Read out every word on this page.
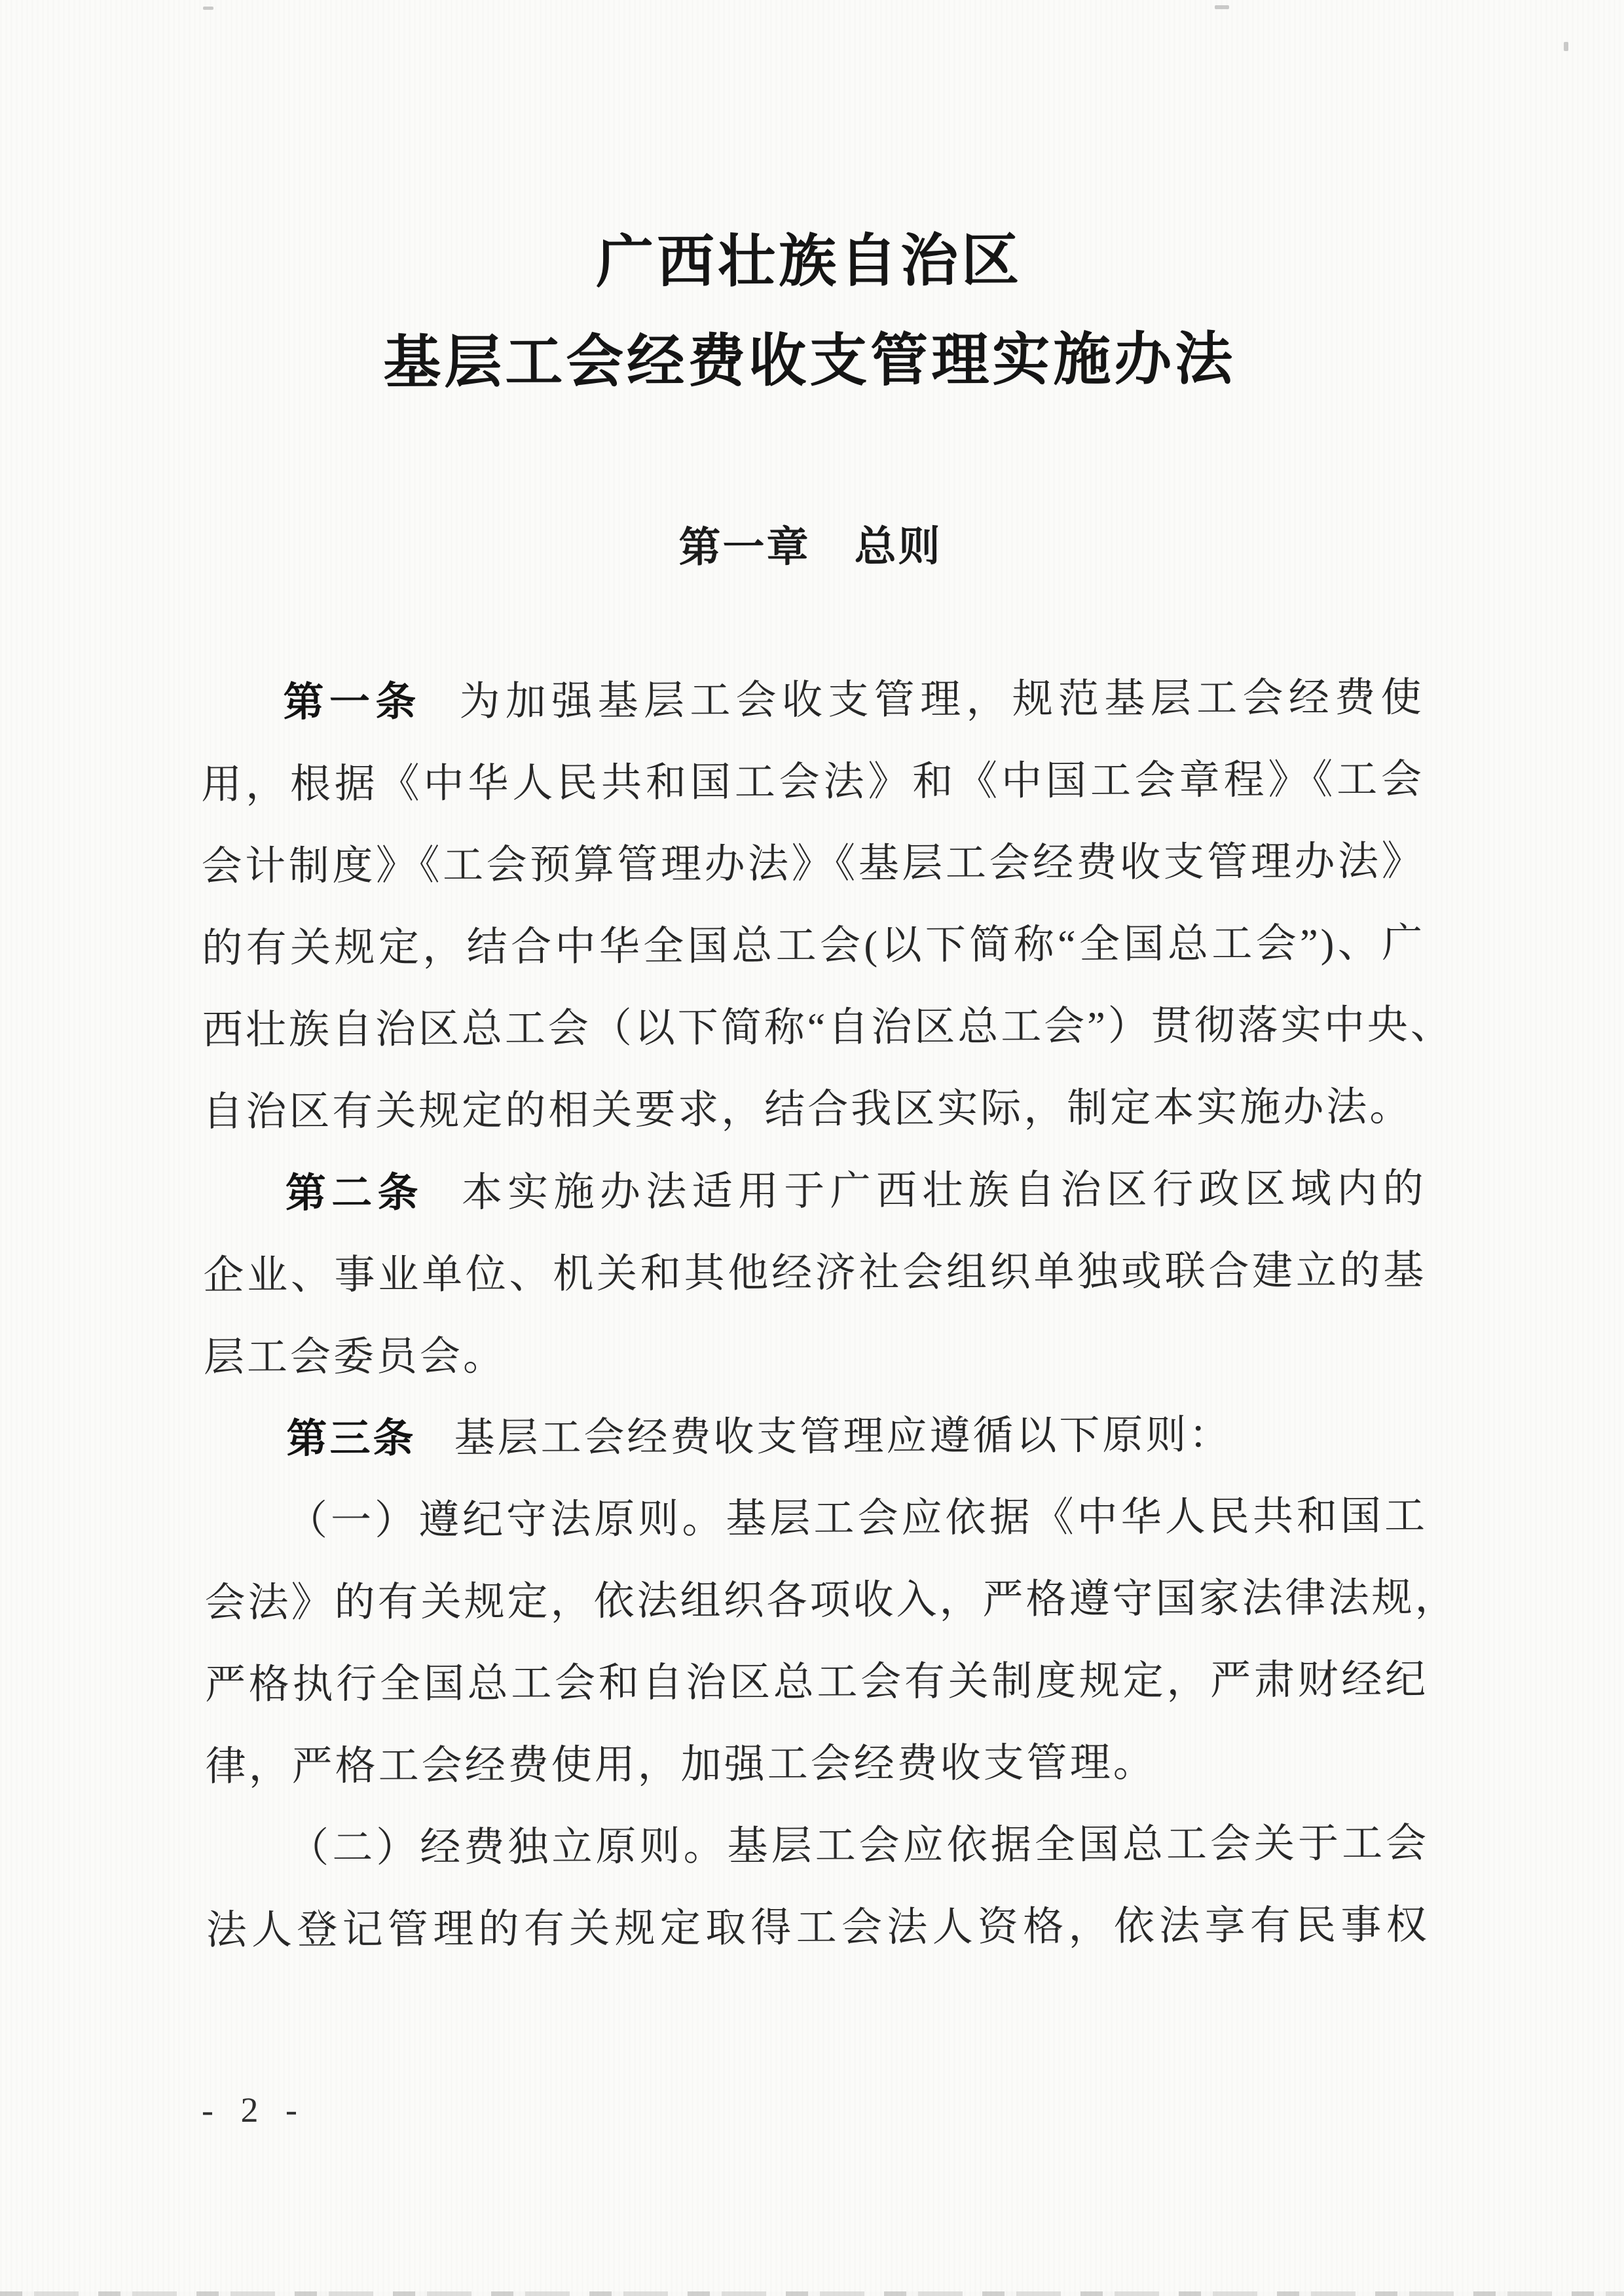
广西壮族自治区
基层工会经费收支管理实施办法
第一章　总则
第一条 为加强基层工会收支管理，规范基层工会经费使
用，根据《中华人民共和国工会法》和《中国工会章程》《工会
会计制度》《工会预算管理办法》《基层工会经费收支管理办法》
的有关规定，结合中华全国总工会(以下简称“全国总工会”)、广
西壮族自治区总工会（以下简称“自治区总工会”）贯彻落实中央、
自治区有关规定的相关要求，结合我区实际，制定本实施办法。
第二条 本实施办法适用于广西壮族自治区行政区域内的
企业、事业单位、机关和其他经济社会组织单独或联合建立的基
层工会委员会。
第三条 基层工会经费收支管理应遵循以下原则：
（一）遵纪守法原则。基层工会应依据《中华人民共和国工
会法》的有关规定，依法组织各项收入，严格遵守国家法律法规，
严格执行全国总工会和自治区总工会有关制度规定，严肃财经纪
律，严格工会经费使用，加强工会经费收支管理。
（二）经费独立原则。基层工会应依据全国总工会关于工会
法人登记管理的有关规定取得工会法人资格，依法享有民事权
- 2 -
